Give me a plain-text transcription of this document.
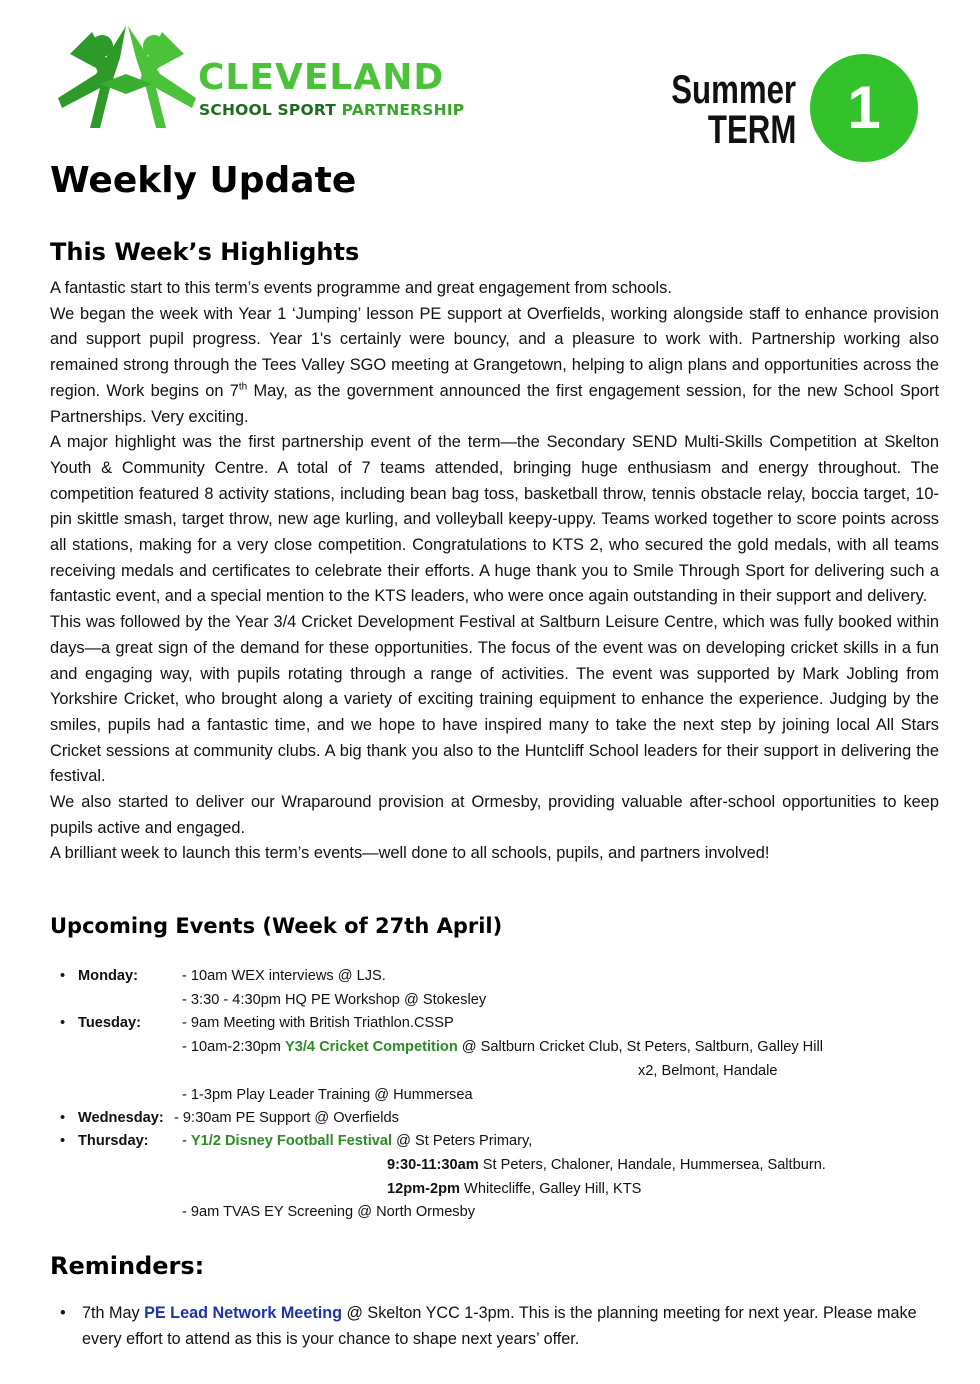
CLEVELAND
SCHOOL SPORT PARTNERSHIP	Summer
TERM 1
Weekly Update
This Week’s Highlights

A fantastic start to this term’s events programme and great engagement from schools.

We began the week with Year 1 ‘Jumping’ lesson PE support at Overfields, working alongside staff to enhance provision and support pupil progress. Year 1's certainly were bouncy, and a pleasure to work with. Partnership working also remained strong through the Tees Valley SGO meeting at Grangetown, helping to align plans and opportunities across the region. Work begins on 7th May, as the government announced the first engagement session, for the new School Sport Partnerships. Very exciting.

A major highlight was the first partnership event of the term—the Secondary SEND Multi-Skills Competition at Skelton Youth & Community Centre. A total of 7 teams attended, bringing huge enthusiasm and energy throughout. The competition featured 8 activity stations, including bean bag toss, basketball throw, tennis obstacle relay, boccia target, 10-pin skittle smash, target throw, new age kurling, and volleyball keepy-uppy. Teams worked together to score points across all stations, making for a very close competition. Congratulations to KTS 2, who secured the gold medals, with all teams receiving medals and certificates to celebrate their efforts. A huge thank you to Smile Through Sport for delivering such a fantastic event, and a special mention to the KTS leaders, who were once again outstanding in their support and delivery.

This was followed by the Year 3/4 Cricket Development Festival at Saltburn Leisure Centre, which was fully booked within days—a great sign of the demand for these opportunities. The focus of the event was on developing cricket skills in a fun and engaging way, with pupils rotating through a range of activities. The event was supported by Mark Jobling from Yorkshire Cricket, who brought along a variety of exciting training equipment to enhance the experience. Judging by the smiles, pupils had a fantastic time, and we hope to have inspired many to take the next step by joining local All Stars Cricket sessions at community clubs. A big thank you also to the Huntcliff School leaders for their support in delivering the festival.

We also started to deliver our Wraparound provision at Ormesby, providing valuable after-school opportunities to keep pupils active and engaged.

A brilliant week to launch this term’s events—well done to all schools, pupils, and partners involved!

Upcoming Events (Week of 27th April)
• Monday:	- 10am WEX interviews @ LJS.
- 3:30 - 4:30pm HQ PE Workshop @ Stokesley
• Tuesday:	- 9am Meeting with British Triathlon.CSSP
- 10am-2:30pm Y3/4 Cricket Competition @ Saltburn Cricket Club, St Peters, Saltburn, Galley Hill
x2, Belmont, Handale
- 1-3pm Play Leader Training @ Hummersea
• Wednesday: - 9:30am PE Support @ Overfields
• Thursday: - Y1/2 Disney Football Festival @ St Peters Primary,
9:30-11:30am St Peters, Chaloner, Handale, Hummersea, Saltburn.
12pm-2pm Whitecliffe, Galley Hill, KTS
- 9am TVAS EY Screening @ North Ormesby
Reminders:
• 7th May PE Lead Network Meeting @ Skelton YCC 1-3pm. This is the planning meeting for next year. Please make every effort to attend as this is your chance to shape next years’ offer.
